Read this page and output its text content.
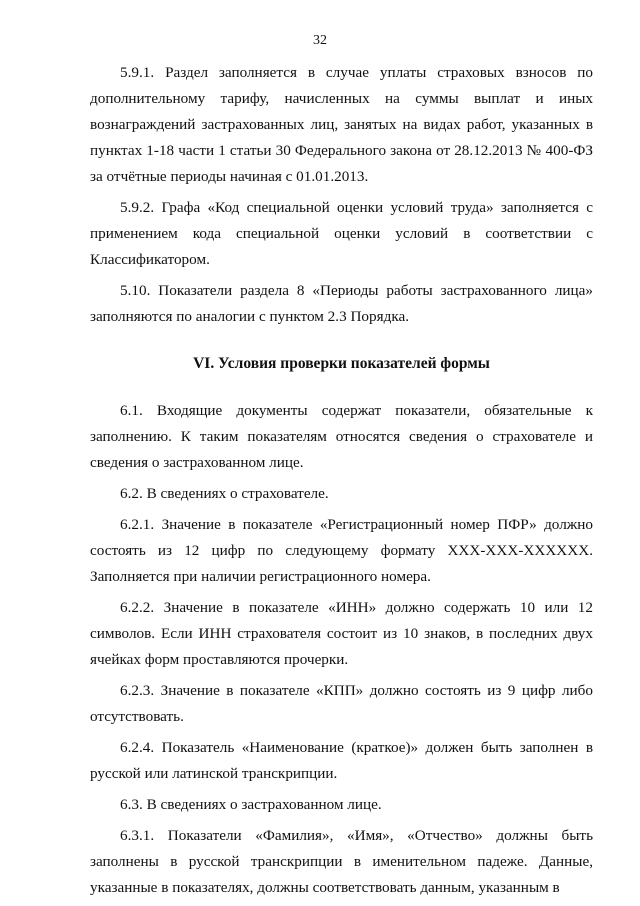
32

5.9.1. Раздел заполняется в случае уплаты страховых взносов по дополнительному тарифу, начисленных на суммы выплат и иных вознаграждений застрахованных лиц, занятых на видах работ, указанных в пунктах 1-18 части 1 статьи 30 Федерального закона от 28.12.2013 № 400-ФЗ за отчётные периоды начиная с 01.01.2013.

5.9.2. Графа «Код специальной оценки условий труда» заполняется с применением кода специальной оценки условий в соответствии с Классификатором.

5.10. Показатели раздела 8 «Периоды работы застрахованного лица» заполняются по аналогии с пунктом 2.3 Порядка.

VI. Условия проверки показателей формы

6.1. Входящие документы содержат показатели, обязательные к заполнению. К таким показателям относятся сведения о страхователе и сведения о застрахованном лице.

6.2. В сведениях о страхователе.

6.2.1. Значение в показателе «Регистрационный номер ПФР» должно состоять из 12 цифр по следующему формату XXX-XXX-XXXXXX. Заполняется при наличии регистрационного номера.

6.2.2. Значение в показателе «ИНН» должно содержать 10 или 12 символов. Если ИНН страхователя состоит из 10 знаков, в последних двух ячейках форм проставляются прочерки.

6.2.3. Значение в показателе «КПП» должно состоять из 9 цифр либо отсутствовать.

6.2.4. Показатель «Наименование (краткое)» должен быть заполнен в русской или латинской транскрипции.

6.3. В сведениях о застрахованном лице.

6.3.1. Показатели «Фамилия», «Имя», «Отчество» должны быть заполнены в русской транскрипции в именительном падеже. Данные, указанные в показателях, должны соответствовать данным, указанным в
